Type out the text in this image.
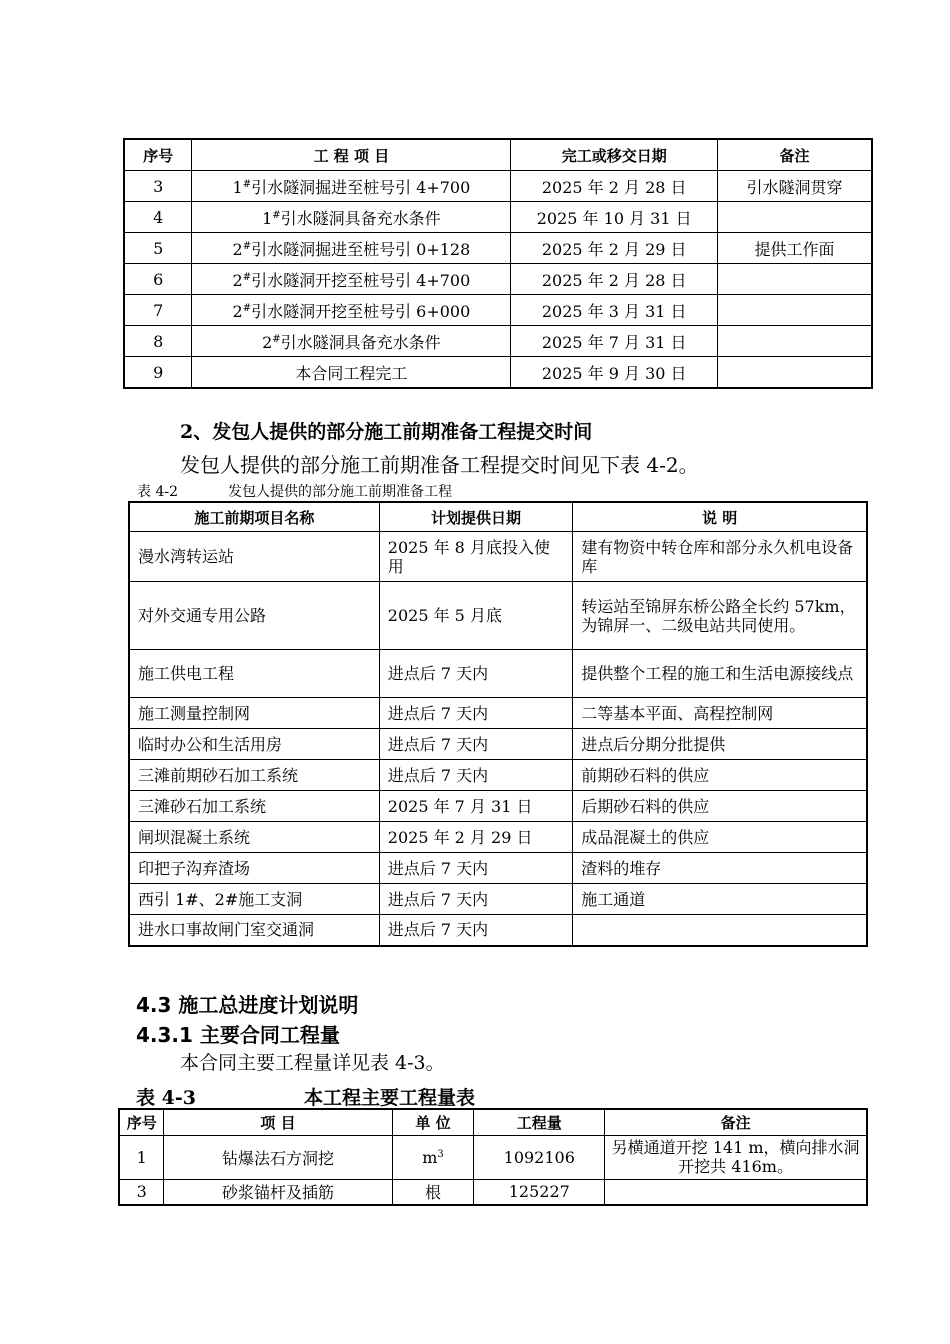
序号	工 程 项 目	完工或移交日期	备注
3	1#引水隧洞掘进至桩号引 4+700	2025 年 2 月 28 日	引水隧洞贯穿
4	1#引水隧洞具备充水条件	2025 年 10 月 31 日	
5	2#引水隧洞掘进至桩号引 0+128	2025 年 2 月 29 日	提供工作面
6	2#引水隧洞开挖至桩号引 4+700	2025 年 2 月 28 日	
7	2#引水隧洞开挖至桩号引 6+000	2025 年 3 月 31 日	
8	2#引水隧洞具备充水条件	2025 年 7 月 31 日	
9	本合同工程完工	2025 年 9 月 30 日	
2、发包人提供的部分施工前期准备工程提交时间
发包人提供的部分施工前期准备工程提交时间见下表 4-2。
表 4-2	发包人提供的部分施工前期准备工程
施工前期项目名称	计划提供日期	说 明
漫水湾转运站	2025 年 8 月底投入使用	建有物资中转仓库和部分永久机电设备库
对外交通专用公路	2025 年 5 月底	转运站至锦屏东桥公路全长约 57km，为锦屏一、二级电站共同使用。
施工供电工程	进点后 7 天内	提供整个工程的施工和生活电源接线点
施工测量控制网	进点后 7 天内	二等基本平面、高程控制网
临时办公和生活用房	进点后 7 天内	进点后分期分批提供
三滩前期砂石加工系统	进点后 7 天内	前期砂石料的供应
三滩砂石加工系统	2025 年 7 月 31 日	后期砂石料的供应
闸坝混凝土系统	2025 年 2 月 29 日	成品混凝土的供应
印把子沟弃渣场	进点后 7 天内	渣料的堆存
西引 1#、2#施工支洞	进点后 7 天内	施工通道
进水口事故闸门室交通洞	进点后 7 天内	
4.3 施工总进度计划说明
4.3.1 主要合同工程量
本合同主要工程量详见表 4-3。
表 4-3	本工程主要工程量表
序号	项 目	单 位	工程量	备注
1	钻爆法石方洞挖	$m^3$	1092106	另横通道开挖 141 m，横向排水洞开挖共 416m。
3	砂浆锚杆及插筋	根	125227	
